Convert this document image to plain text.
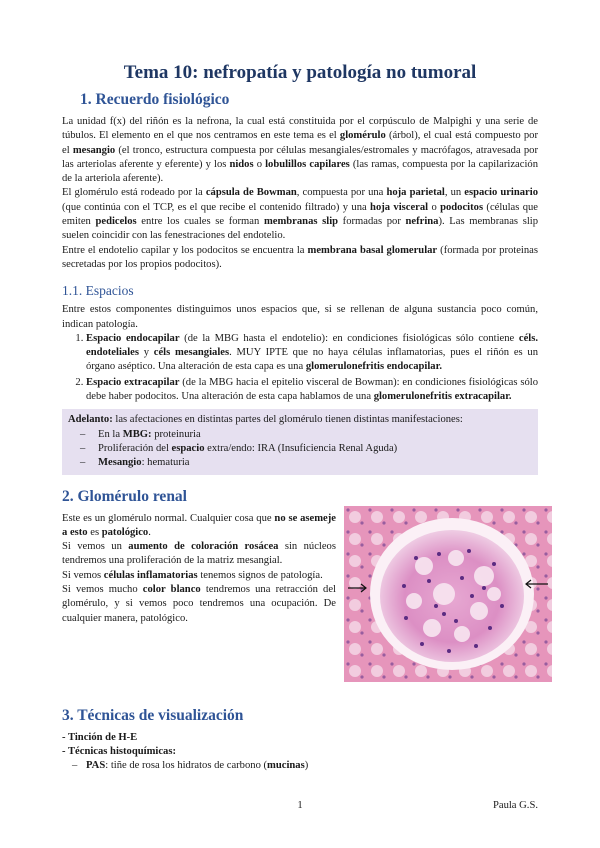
Tema 10: nefropatía y patología no tumoral
1. Recuerdo fisiológico

La unidad f(x) del riñón es la nefrona, la cual está constituida por el corpúsculo de Malpighi y una serie de túbulos. El elemento en el que nos centramos en este tema es el glomérulo (árbol), el cual está compuesto por el mesangio (el tronco, estructura compuesta por células mesangiales/estromales y macrófagos, atravesada por las arteriolas aferente y eferente) y los nidos o lobulillos capilares (las ramas, compuesta por la capilarización de la arteriola aferente).

El glomérulo está rodeado por la cápsula de Bowman, compuesta por una hoja parietal, un espacio urinario (que continúa con el TCP, es el que recibe el contenido filtrado) y una hoja visceral o podocitos (células que emiten pedicelos entre los cuales se forman membranas slip formadas por nefrina). Las membranas slip suelen coincidir con las fenestraciones del endotelio.

Entre el endotelio capilar y los podocitos se encuentra la membrana basal glomerular (formada por proteinas secretadas por los propios podocitos).

1.1. Espacios

Entre estos componentes distinguimos unos espacios que, si se rellenan de alguna sustancia poco común, indican patología.

1. Espacio endocapilar (de la MBG hasta el endotelio): en condiciones fisiológicas sólo contiene céls. endoteliales y céls mesangiales. MUY IPTE que no haya células inflamatorias, pues el riñón es un órgano aséptico. Una alteración de esta capa es una glomerulonefritis endocapilar.
2. Espacio extracapilar (de la MBG hacia el epitelio visceral de Bowman): en condiciones fisiológicas sólo debe haber podocitos. Una alteración de esta capa hablamos de una glomerulonefritis extracapilar.
Adelanto: las afectaciones en distintas partes del glomérulo tienen distintas manifestaciones:
– En la MBG: proteinuria
– Proliferación del espacio extra/endo: IRA (Insuficiencia Renal Aguda)
– Mesangio: hematuria
2. Glomérulo renal

Este es un glomérulo normal. Cualquier cosa que no se asemeje a esto es patológico.

Si vemos un aumento de coloración rosácea sin núcleos tendremos una proliferación de la matriz mesangial.

Si vemos células inflamatorias tenemos signos de patología.

Si vemos mucho color blanco tendremos una retracción del glomérulo, y si vemos poco tendremos una ocupación. De cualquier manera, patológico.

3. Técnicas de visualización
- Tinción de H-E
- Técnicas histoquímicas:
– PAS: tiñe de rosa los hidratos de carbono (mucinas)
1	Paula G.S.
